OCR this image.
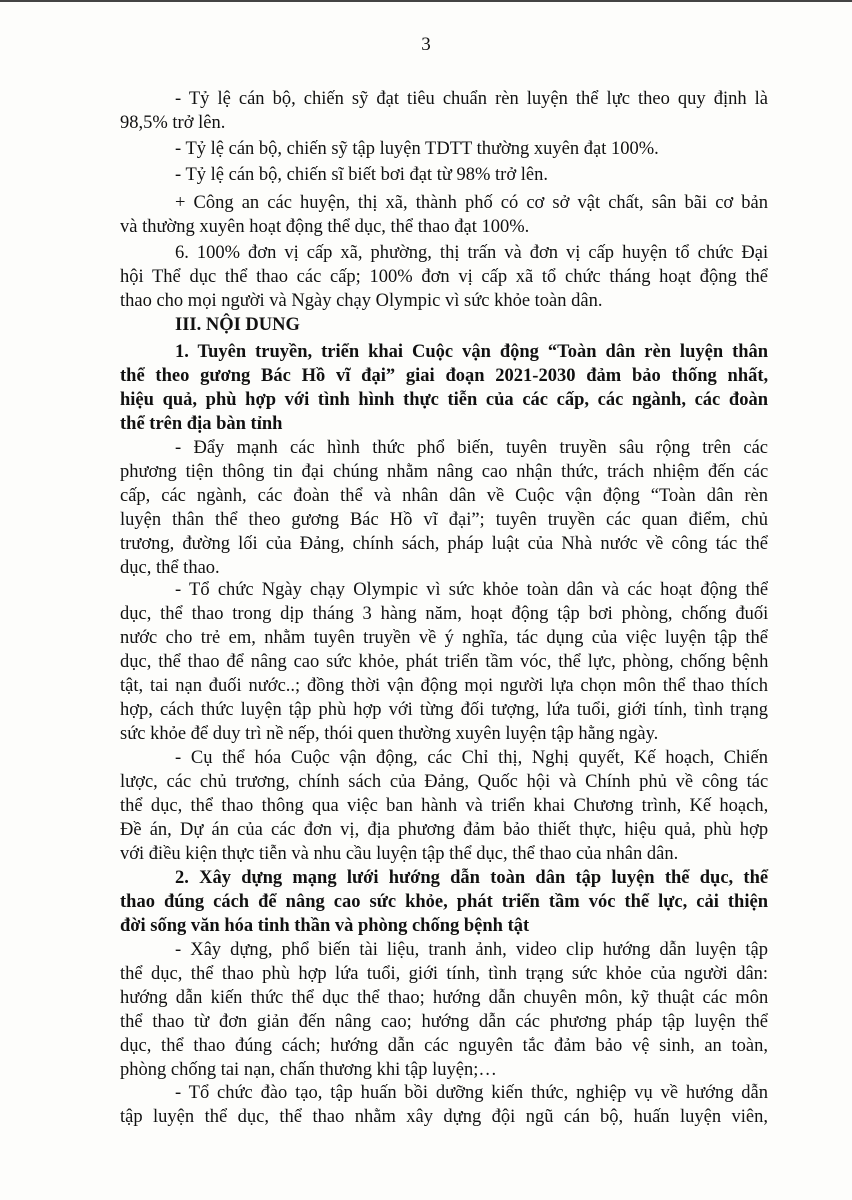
3
- Tỷ lệ cán bộ, chiến sỹ đạt tiêu chuẩn rèn luyện thể lực theo quy định là
98,5% trở lên.
- Tỷ lệ cán bộ, chiến sỹ tập luyện TDTT thường xuyên đạt 100%.
- Tỷ lệ cán bộ, chiến sĩ biết bơi đạt từ 98% trở lên.
+ Công an các huyện, thị xã, thành phố có cơ sở vật chất, sân bãi cơ bản
và thường xuyên hoạt động thể dục, thể thao đạt 100%.
6. 100% đơn vị cấp xã, phường, thị trấn và đơn vị cấp huyện tổ chức Đại
hội Thể dục thể thao các cấp; 100% đơn vị cấp xã tổ chức tháng hoạt động thể
thao cho mọi người và Ngày chạy Olympic vì sức khỏe toàn dân.
III. NỘI DUNG
1. Tuyên truyền, triển khai Cuộc vận động “Toàn dân rèn luyện thân
thể theo gương Bác Hồ vĩ đại” giai đoạn 2021-2030 đảm bảo thống nhất,
hiệu quả, phù hợp với tình hình thực tiễn của các cấp, các ngành, các đoàn
thể trên địa bàn tỉnh
- Đẩy mạnh các hình thức phổ biến, tuyên truyền sâu rộng trên các
phương tiện thông tin đại chúng nhằm nâng cao nhận thức, trách nhiệm đến các
cấp, các ngành, các đoàn thể và nhân dân về Cuộc vận động “Toàn dân rèn
luyện thân thể theo gương Bác Hồ vĩ đại”; tuyên truyền các quan điểm, chủ
trương, đường lối của Đảng, chính sách, pháp luật của Nhà nước về công tác thể
dục, thể thao.
- Tổ chức Ngày chạy Olympic vì sức khỏe toàn dân và các hoạt động thể
dục, thể thao trong dịp tháng 3 hàng năm, hoạt động tập bơi phòng, chống đuối
nước cho trẻ em, nhằm tuyên truyền về ý nghĩa, tác dụng của việc luyện tập thể
dục, thể thao để nâng cao sức khỏe, phát triển tầm vóc, thể lực, phòng, chống bệnh
tật, tai nạn đuối nước..; đồng thời vận động mọi người lựa chọn môn thể thao thích
hợp, cách thức luyện tập phù hợp với từng đối tượng, lứa tuổi, giới tính, tình trạng
sức khỏe để duy trì nề nếp, thói quen thường xuyên luyện tập hằng ngày.
- Cụ thể hóa Cuộc vận động, các Chỉ thị, Nghị quyết, Kế hoạch, Chiến
lược, các chủ trương, chính sách của Đảng, Quốc hội và Chính phủ về công tác
thể dục, thể thao thông qua việc ban hành và triển khai Chương trình, Kế hoạch,
Đề án, Dự án của các đơn vị, địa phương đảm bảo thiết thực, hiệu quả, phù hợp
với điều kiện thực tiễn và nhu cầu luyện tập thể dục, thể thao của nhân dân.
2. Xây dựng mạng lưới hướng dẫn toàn dân tập luyện thể dục, thể
thao đúng cách để nâng cao sức khỏe, phát triển tầm vóc thể lực, cải thiện
đời sống văn hóa tinh thần và phòng chống bệnh tật
- Xây dựng, phổ biến tài liệu, tranh ảnh, video clip hướng dẫn luyện tập
thể dục, thể thao phù hợp lứa tuổi, giới tính, tình trạng sức khỏe của người dân:
hướng dẫn kiến thức thể dục thể thao; hướng dẫn chuyên môn, kỹ thuật các môn
thể thao từ đơn giản đến nâng cao; hướng dẫn các phương pháp tập luyện thể
dục, thể thao đúng cách; hướng dẫn các nguyên tắc đảm bảo vệ sinh, an toàn,
phòng chống tai nạn, chấn thương khi tập luyện;…
- Tổ chức đào tạo, tập huấn bồi dưỡng kiến thức, nghiệp vụ về hướng dẫn
tập luyện thể dục, thể thao nhằm xây dựng đội ngũ cán bộ, huấn luyện viên,
